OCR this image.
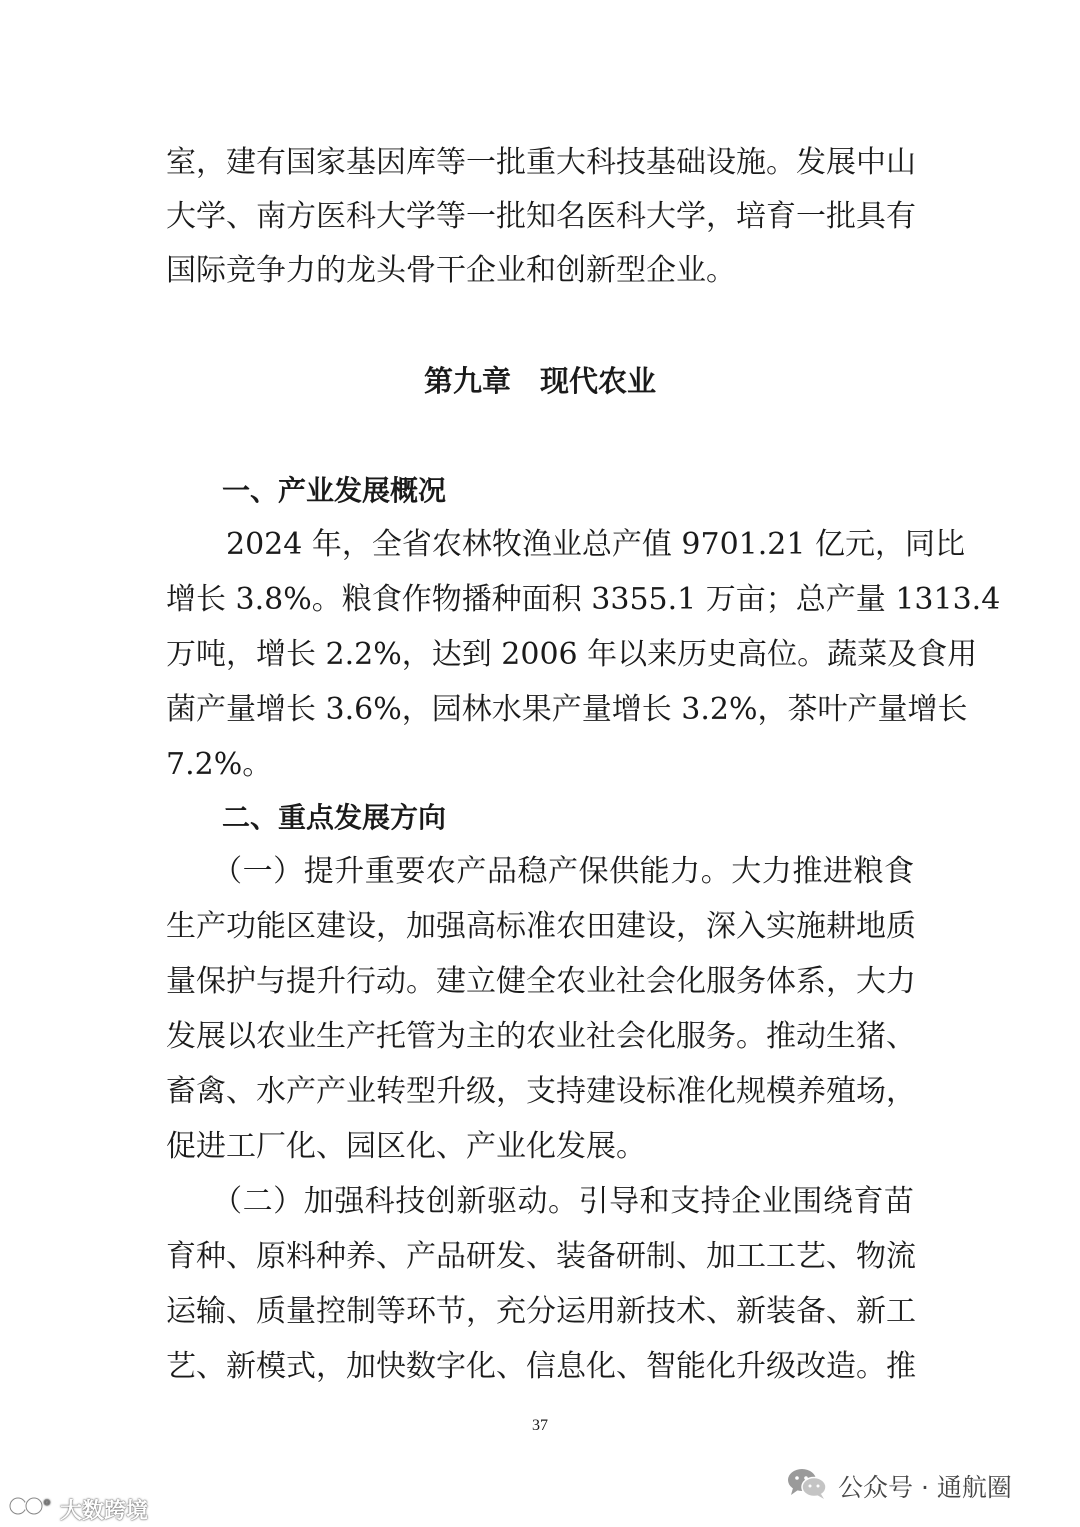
室，建有国家基因库等一批重大科技基础设施。发展中山
大学、南方医科大学等一批知名医科大学，培育一批具有
国际竞争力的龙头骨干企业和创新型企业。
第九章　现代农业
一、产业发展概况
　　2024 年，全省农林牧渔业总产值 9701.21 亿元，同比
增长 3.8%。粮食作物播种面积 3355.1 万亩；总产量 1313.4
万吨，增长 2.2%，达到 2006 年以来历史高位。蔬菜及食用
菌产量增长 3.6%，园林水果产量增长 3.2%，茶叶产量增长
7.2%。
二、重点发展方向
　　（一）提升重要农产品稳产保供能力。大力推进粮食
生产功能区建设，加强高标准农田建设，深入实施耕地质
量保护与提升行动。建立健全农业社会化服务体系，大力
发展以农业生产托管为主的农业社会化服务。推动生猪、
畜禽、水产产业转型升级，支持建设标准化规模养殖场，
促进工厂化、园区化、产业化发展。
　　（二）加强科技创新驱动。引导和支持企业围绕育苗
育种、原料种养、产品研发、装备研制、加工工艺、物流
运输、质量控制等环节，充分运用新技术、新装备、新工
艺、新模式，加快数字化、信息化、智能化升级改造。推
37
公众号 · 通航圈
® 大数跨境
